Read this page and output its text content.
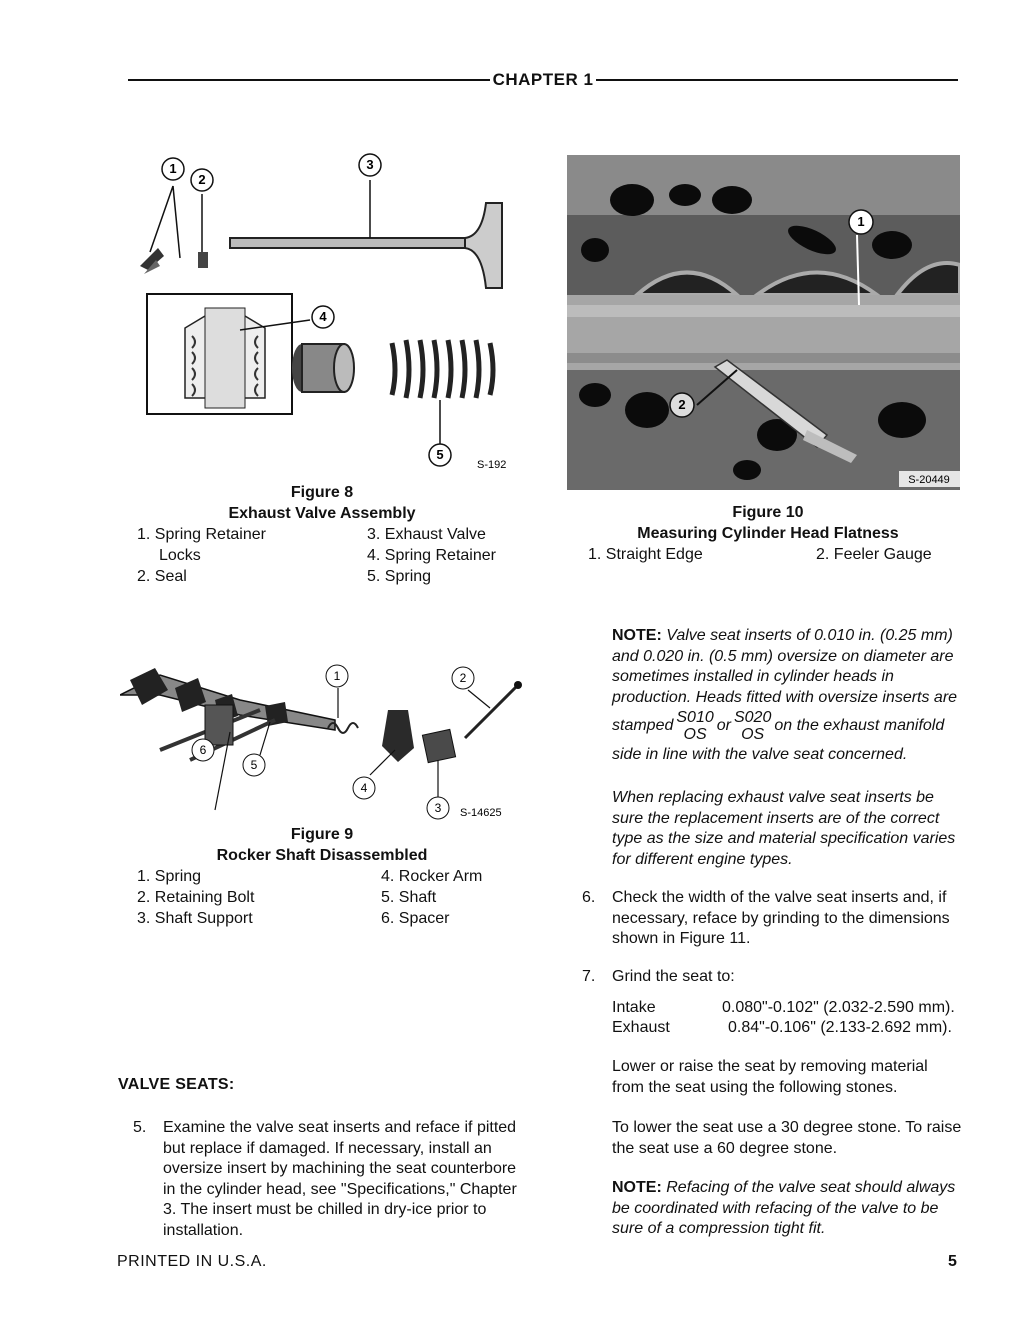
CHAPTER 1
1
2
3
4
5
S-192
Figure 8
Exhaust Valve Assembly
1. Spring Retainer	3. Exhaust Valve
Locks	4. Spring Retainer
2. Seal	5. Spring
1
2
S-20449
Figure 10
Measuring Cylinder Head Flatness
1. Straight Edge	2. Feeler Gauge
1	2
3
4
5
6
S-14625
Figure 9
Rocker Shaft Disassembled
1. Spring	4. Rocker Arm
2. Retaining Bolt	5. Shaft
3. Shaft Support	6. Spacer
NOTE: Valve seat inserts of 0.010 in. (0.25 mm) and 0.020 in. (0.5 mm) oversize on diameter are sometimes installed in cylinder heads in production. Heads fitted with oversize inserts are
stamped S010
OS
or S020
OS
on the exhaust manifold
side in line with the valve seat concerned.
When replacing exhaust valve seat inserts be sure the replacement inserts are of the correct type as the size and material specification varies for different engine types.
6.	Check the width of the valve seat inserts and, if necessary, reface by grinding to the dimensions shown in Figure 11.
7.	Grind the seat to:
Intake	0.080"-0.102" (2.032-2.590 mm).
Exhaust	0.84"-0.106" (2.133-2.692 mm).
Lower or raise the seat by removing material from the seat using the following stones.
To lower the seat use a 30 degree stone. To raise the seat use a 60 degree stone.
NOTE: Refacing of the valve seat should always be coordinated with refacing of the valve to be sure of a compression tight fit.
VALVE SEATS:
5.	Examine the valve seat inserts and reface if pitted but replace if damaged. If necessary, install an oversize insert by machining the seat counterbore in the cylinder head, see "Specifications," Chapter 3. The insert must be chilled in dry-ice prior to installation.
PRINTED IN U.S.A.	5
